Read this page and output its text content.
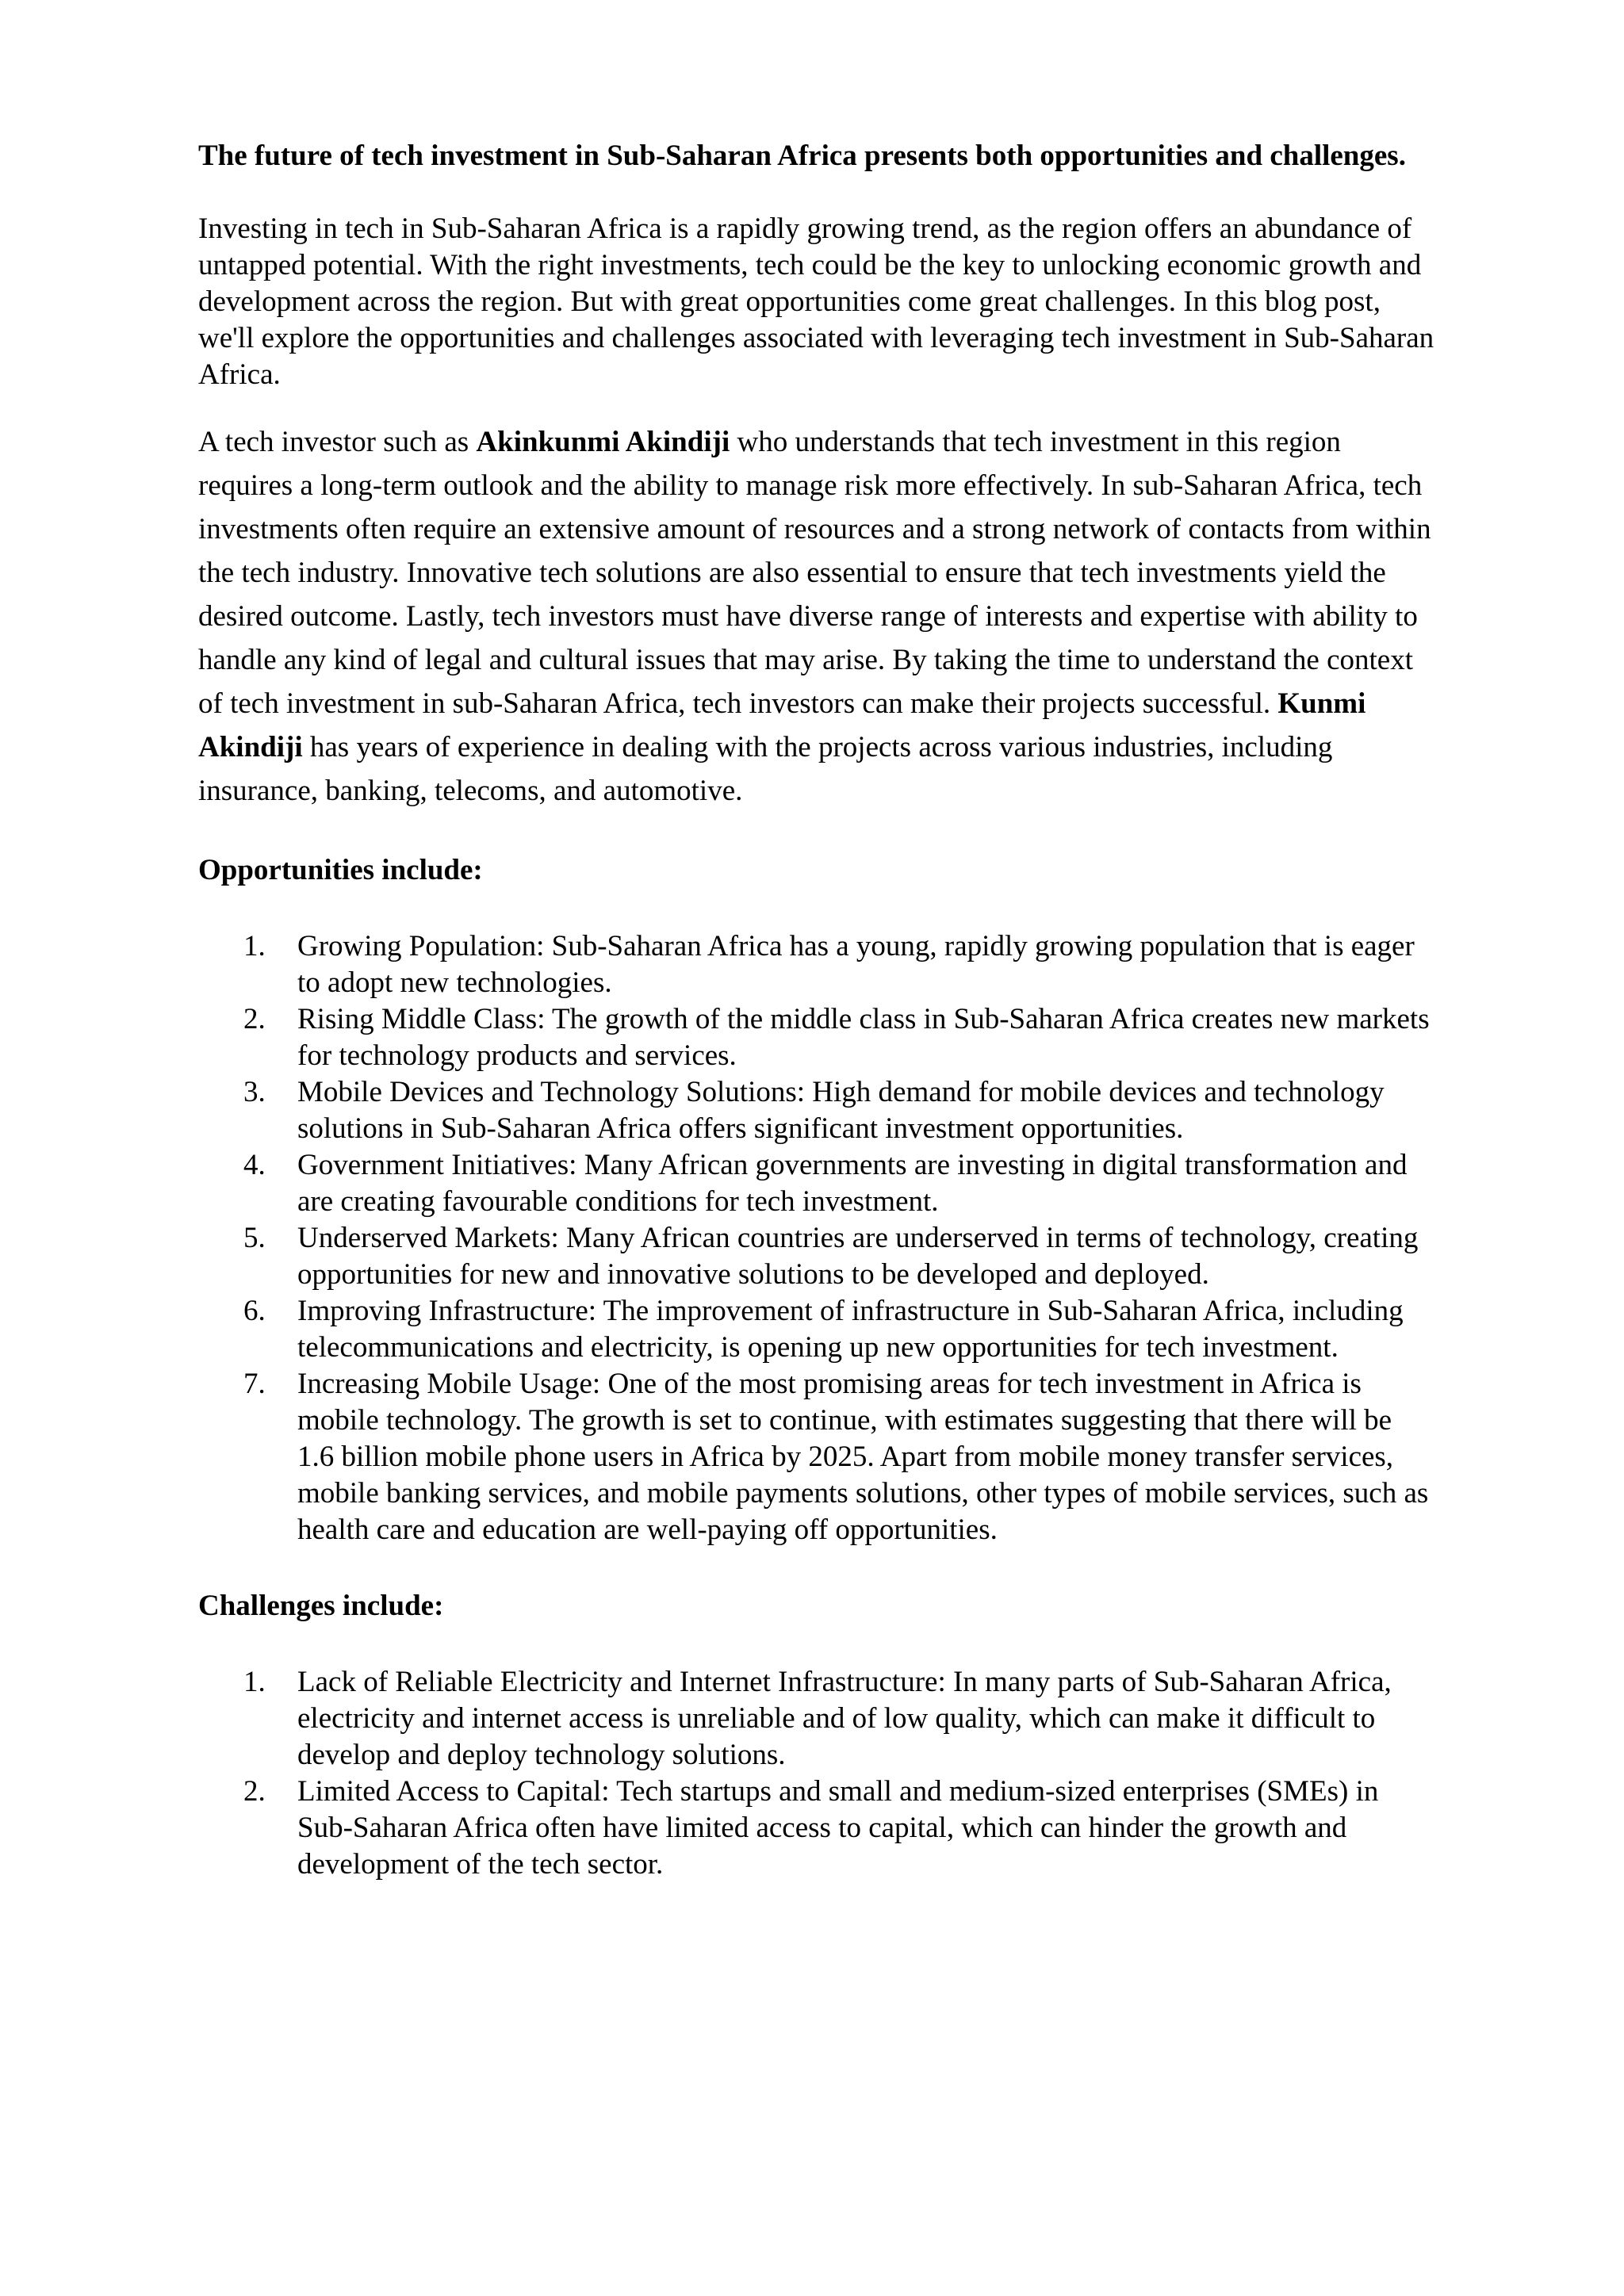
The future of tech investment in Sub-Saharan Africa presents both opportunities and challenges.

Investing in tech in Sub-Saharan Africa is a rapidly growing trend, as the region offers an abundance of untapped potential. With the right investments, tech could be the key to unlocking economic growth and development across the region. But with great opportunities come great challenges. In this blog post, we'll explore the opportunities and challenges associated with leveraging tech investment in Sub-Saharan Africa.

A tech investor such as Akinkunmi Akindiji who understands that tech investment in this region requires a long-term outlook and the ability to manage risk more effectively. In sub-Saharan Africa, tech investments often require an extensive amount of resources and a strong network of contacts from within the tech industry. Innovative tech solutions are also essential to ensure that tech investments yield the desired outcome. Lastly, tech investors must have diverse range of interests and expertise with ability to handle any kind of legal and cultural issues that may arise. By taking the time to understand the context of tech investment in sub-Saharan Africa, tech investors can make their projects successful. Kunmi Akindiji has years of experience in dealing with the projects across various industries, including insurance, banking, telecoms, and automotive.

Opportunities include:

1. Growing Population: Sub-Saharan Africa has a young, rapidly growing population that is eager to adopt new technologies.
2. Rising Middle Class: The growth of the middle class in Sub-Saharan Africa creates new markets for technology products and services.
3. Mobile Devices and Technology Solutions: High demand for mobile devices and technology solutions in Sub-Saharan Africa offers significant investment opportunities.
4. Government Initiatives: Many African governments are investing in digital transformation and are creating favourable conditions for tech investment.
5. Underserved Markets: Many African countries are underserved in terms of technology, creating opportunities for new and innovative solutions to be developed and deployed.
6. Improving Infrastructure: The improvement of infrastructure in Sub-Saharan Africa, including telecommunications and electricity, is opening up new opportunities for tech investment.
7. Increasing Mobile Usage: One of the most promising areas for tech investment in Africa is mobile technology. The growth is set to continue, with estimates suggesting that there will be 1.6 billion mobile phone users in Africa by 2025. Apart from mobile money transfer services, mobile banking services, and mobile payments solutions, other types of mobile services, such as health care and education are well-paying off opportunities.

Challenges include:

1. Lack of Reliable Electricity and Internet Infrastructure: In many parts of Sub-Saharan Africa, electricity and internet access is unreliable and of low quality, which can make it difficult to develop and deploy technology solutions.
2. Limited Access to Capital: Tech startups and small and medium-sized enterprises (SMEs) in Sub-Saharan Africa often have limited access to capital, which can hinder the growth and development of the tech sector.
